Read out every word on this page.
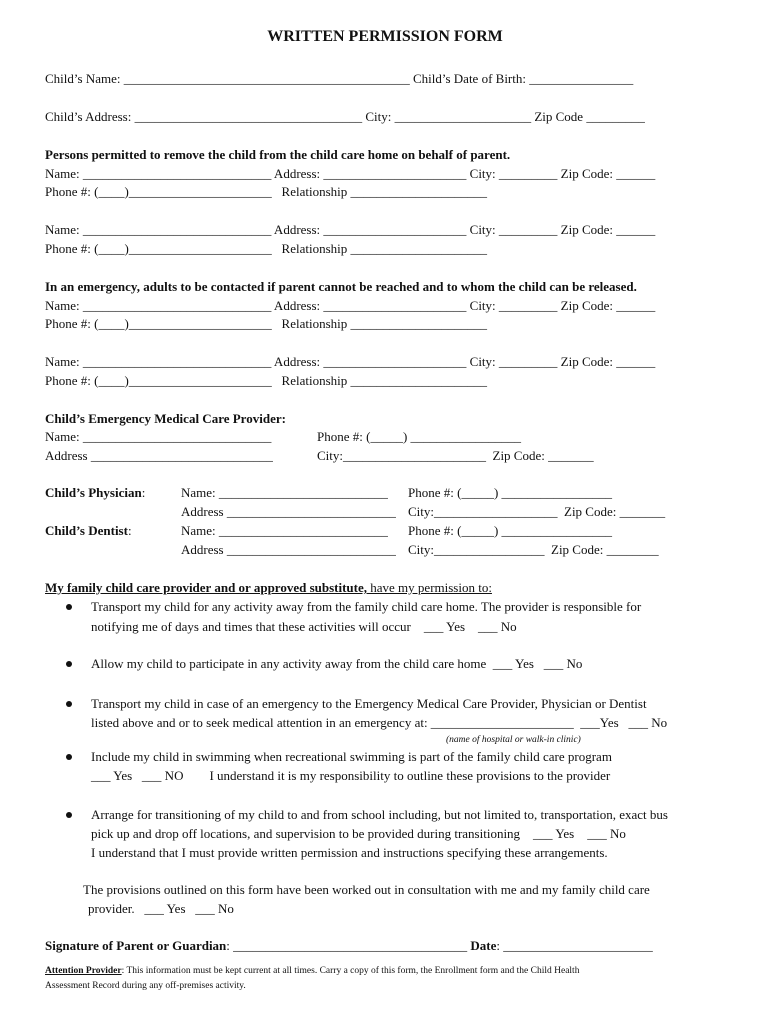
WRITTEN PERMISSION FORM
Child’s Name: ____________________________________________ Child’s Date of Birth: ________________
Child’s Address: ___________________________________ City: _____________________ Zip Code _________
Persons permitted to remove the child from the child care home on behalf of parent.
Name: _____________________________ Address: ______________________ City: _________ Zip Code: ______
Phone #: (____)______________________   Relationship _____________________
Name: _____________________________ Address: ______________________ City: _________ Zip Code: ______
Phone #: (____)______________________   Relationship _____________________
In an emergency, adults to be contacted if parent cannot be reached and to whom the child can be released.
Name: _____________________________ Address: ______________________ City: _________ Zip Code: ______
Phone #: (____)______________________   Relationship _____________________
Name: _____________________________ Address: ______________________ City: _________ Zip Code: ______
Phone #: (____)______________________   Relationship _____________________
Child’s Emergency Medical Care Provider:
Name: _____________________________	Phone #: (_____) _________________
Address ____________________________	City:______________________  Zip Code: _______
Child’s Physician:	Name: __________________________ Phone #: (_____) _________________
Address __________________________ City:___________________  Zip Code: _______
Child’s Dentist:	Name: __________________________ Phone #: (_____) _________________
Address __________________________ City:_________________  Zip Code: ________
My family child care provider and or approved substitute, have my permission to:
Transport my child for any activity away from the family child care home. The provider is responsible for
notifying me of days and times that these activities will occur    ___ Yes    ___ No
Allow my child to participate in any activity away from the child care home  ___ Yes   ___ No
Transport my child in case of an emergency to the Emergency Medical Care Provider, Physician or Dentist
listed above and or to seek medical attention in an emergency at: ______________________  ___Yes   ___ No
(name of hospital or walk-in clinic)
Include my child in swimming when recreational swimming is part of the family child care program
___ Yes   ___ NO        I understand it is my responsibility to outline these provisions to the provider
Arrange for transitioning of my child to and from school including, but not limited to, transportation, exact bus
pick up and drop off locations, and supervision to be provided during transitioning    ___ Yes    ___ No
I understand that I must provide written permission and instructions specifying these arrangements.
The provisions outlined on this form have been worked out in consultation with me and my family child care
provider.   ___ Yes   ___ No
Signature of Parent or Guardian: ____________________________________ Date: _______________________
Attention Provider: This information must be kept current at all times. Carry a copy of this form, the Enrollment form and the Child Health
Assessment Record during any off-premises activity.
